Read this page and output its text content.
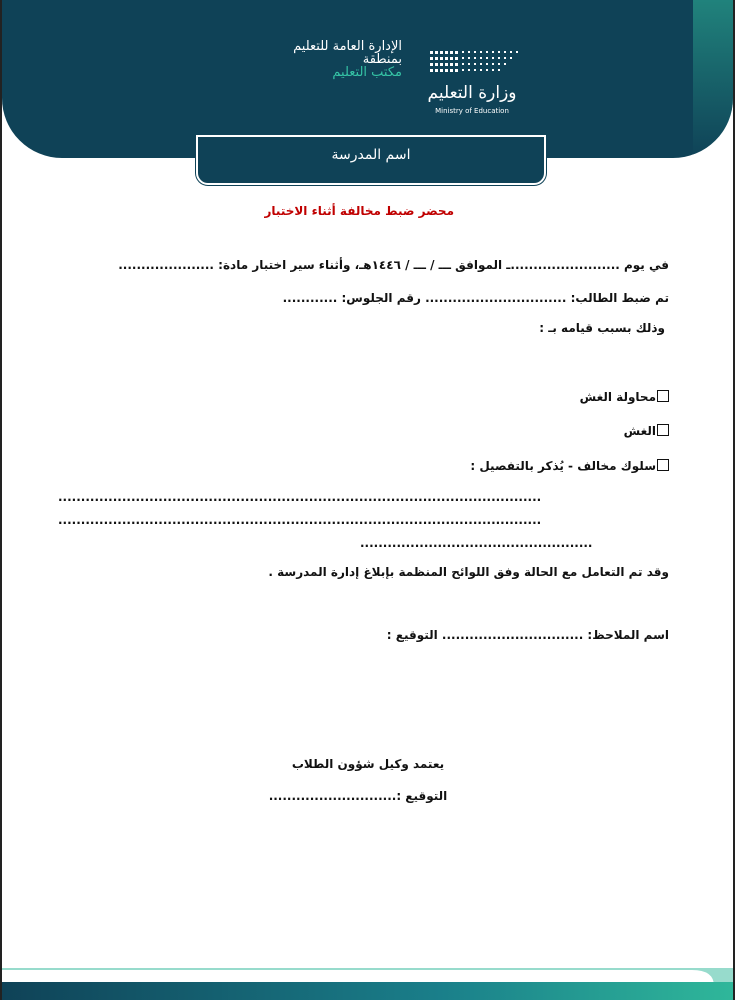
الإدارة العامة للتعليم
بمنطقة
مكتب التعليم
وزارة التعليم
Ministry of Education
اسم المدرسة
محضر ضبط مخالفة أثناء الاختبار
في يوم ........................ـ الموافق ـــ / ـــ / ١٤٤٦هـ، وأثناء سير اختبار مادة: .....................
تم ضبط الطالب: ............................... رقم الجلوس: ............
وذلك بسبب قيامه بـ :
محاولة الغش
الغش
سلوك مخالف - يُذكر بالتفصيل :
..........................................................................................................
..........................................................................................................
...................................................
وقد تم التعامل مع الحالة وفق اللوائح المنظمة بإبلاغ إدارة المدرسة .
اسم الملاحظ: ............................... التوقيع :
يعتمد وكيل شؤون الطلاب
التوقيع :............................
